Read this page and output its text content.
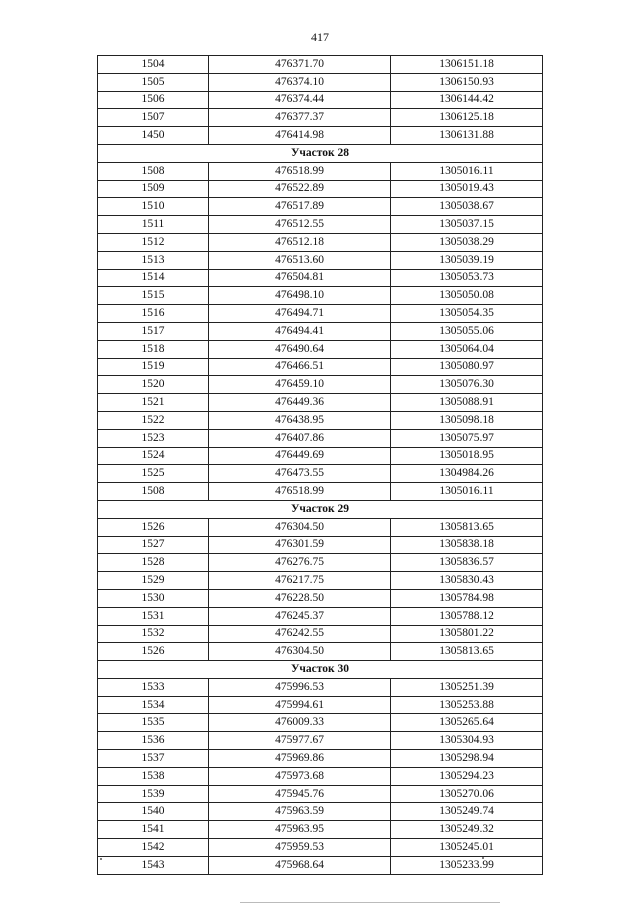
417
1504	476371.70	1306151.18
1505	476374.10	1306150.93
1506	476374.44	1306144.42
1507	476377.37	1306125.18
1450	476414.98	1306131.88
Участок 28		
1508	476518.99	1305016.11
1509	476522.89	1305019.43
1510	476517.89	1305038.67
1511	476512.55	1305037.15
1512	476512.18	1305038.29
1513	476513.60	1305039.19
1514	476504.81	1305053.73
1515	476498.10	1305050.08
1516	476494.71	1305054.35
1517	476494.41	1305055.06
1518	476490.64	1305064.04
1519	476466.51	1305080.97
1520	476459.10	1305076.30
1521	476449.36	1305088.91
1522	476438.95	1305098.18
1523	476407.86	1305075.97
1524	476449.69	1305018.95
1525	476473.55	1304984.26
1508	476518.99	1305016.11
Участок 29		
1526	476304.50	1305813.65
1527	476301.59	1305838.18
1528	476276.75	1305836.57
1529	476217.75	1305830.43
1530	476228.50	1305784.98
1531	476245.37	1305788.12
1532	476242.55	1305801.22
1526	476304.50	1305813.65
Участок 30		
1533	475996.53	1305251.39
1534	475994.61	1305253.88
1535	476009.33	1305265.64
1536	475977.67	1305304.93
1537	475969.86	1305298.94
1538	475973.68	1305294.23
1539	475945.76	1305270.06
1540	475963.59	1305249.74
1541	475963.95	1305249.32
1542	475959.53	1305245.01
1543	475968.64	1305233.99
